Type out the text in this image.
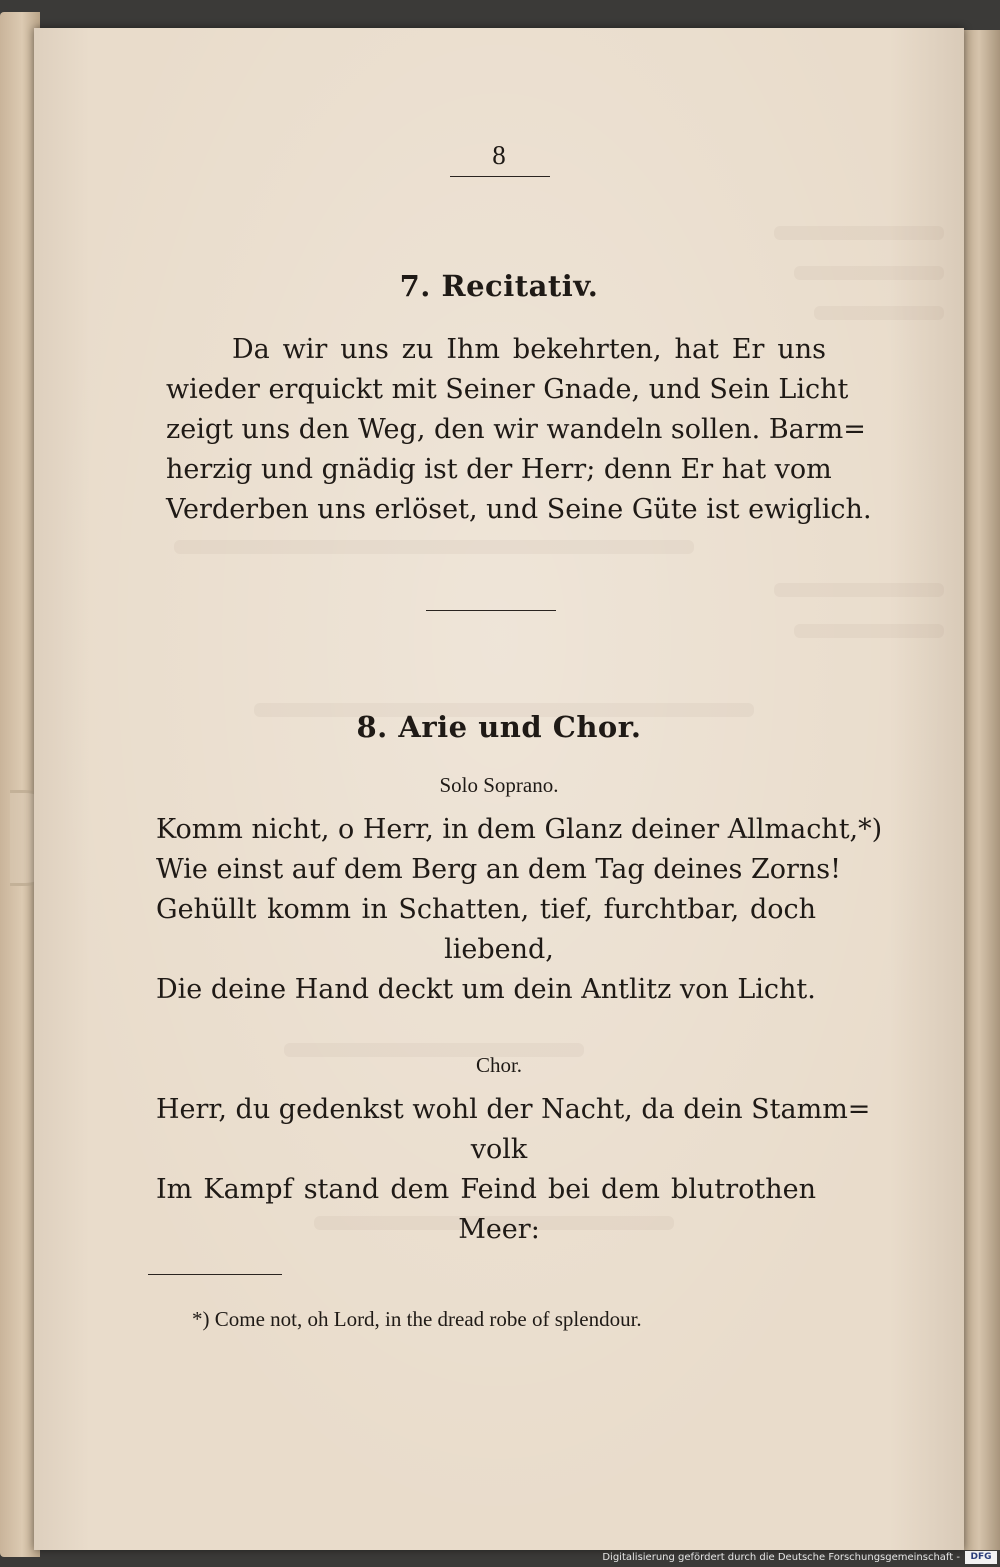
8
7. Recitativ.
Da wir uns zu Ihm bekehrten, hat Er uns
wieder erquickt mit Seiner Gnade, und Sein Licht
zeigt uns den Weg, den wir wandeln sollen. Barm=
herzig und gnädig ist der Herr; denn Er hat vom
Verderben uns erlöset, und Seine Güte ist ewiglich.
8. Arie und Chor.
Solo Soprano.
Komm nicht, o Herr, in dem Glanz deiner Allmacht,*)
Wie einst auf dem Berg an dem Tag deines Zorns!
Gehüllt komm in Schatten, tief, furchtbar, doch
liebend,
Die deine Hand deckt um dein Antlitz von Licht.
Chor.
Herr, du gedenkst wohl der Nacht, da dein Stamm=
volk
Im Kampf stand dem Feind bei dem blutrothen
Meer:
*) Come not, oh Lord, in the dread robe of splendour.
Digitalisierung gefördert durch die Deutsche Forschungsgemeinschaft -	DFG
